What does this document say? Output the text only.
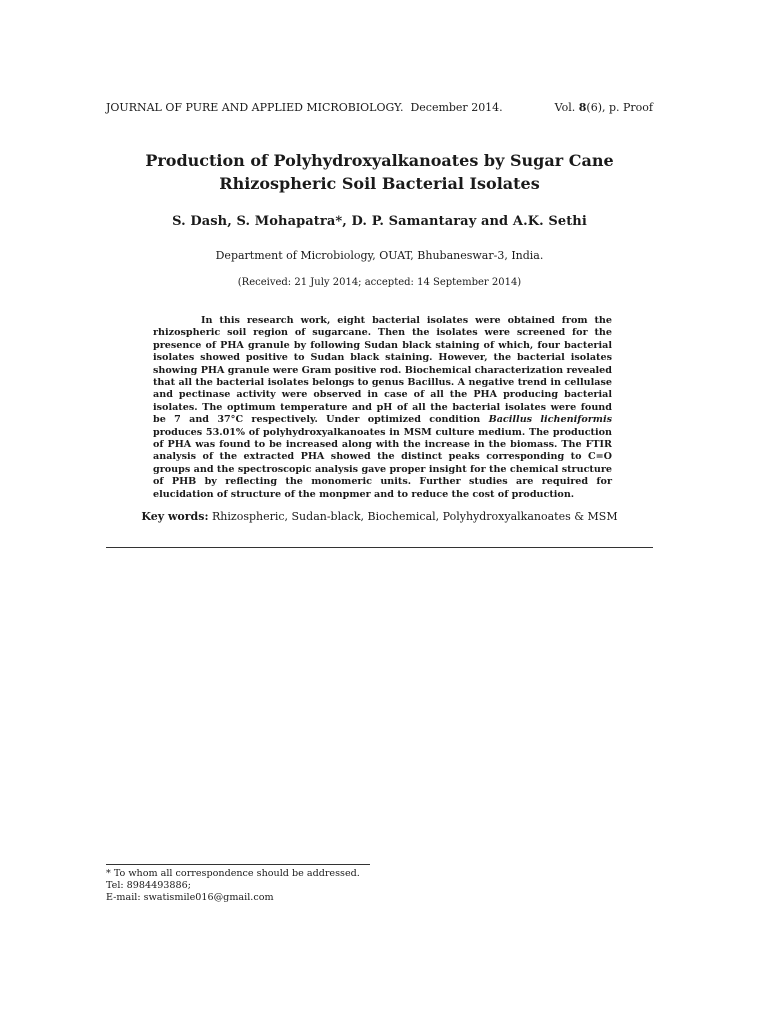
JOURNAL OF PURE AND APPLIED MICROBIOLOGY. December 2014.	Vol. 8(6), p. Proof
Production of Polyhydroxyalkanoates by Sugar Cane
Rhizospheric Soil Bacterial Isolates
S. Dash, S. Mohapatra*, D. P. Samantaray and A.K. Sethi
Department of Microbiology, OUAT, Bhubaneswar-3, India.
(Received: 21 July 2014; accepted: 14 September 2014)

In this research work, eight bacterial isolates were obtained from the rhizospheric soil region of sugarcane. Then the isolates were screened for the presence of PHA granule by following Sudan black staining of which, four bacterial isolates showed positive to Sudan black staining. However, the bacterial isolates showing PHA granule were Gram positive rod. Biochemical characterization revealed that all the bacterial isolates belongs to genus Bacillus. A negative trend in cellulase and pectinase activity were observed in case of all the PHA producing bacterial isolates. The optimum temperature and pH of all the bacterial isolates were found be 7 and 37°C respectively. Under optimized condition Bacillus licheniformis produces 53.01% of polyhydroxyalkanoates in MSM culture medium. The production of PHA was found to be increased along with the increase in the biomass. The FTIR analysis of the extracted PHA showed the distinct peaks corresponding to C=O groups and the spectroscopic analysis gave proper insight for the chemical structure of PHB by reflecting the monomeric units. Further studies are required for elucidation of structure of the monpmer and to reduce the cost of production.

Key words: Rhizospheric, Sudan-black, Biochemical, Polyhydroxyalkanoates & MSM
* To whom all correspondence should be addressed.
Tel: 8984493886;
E-mail: swatismile016@gmail.com
